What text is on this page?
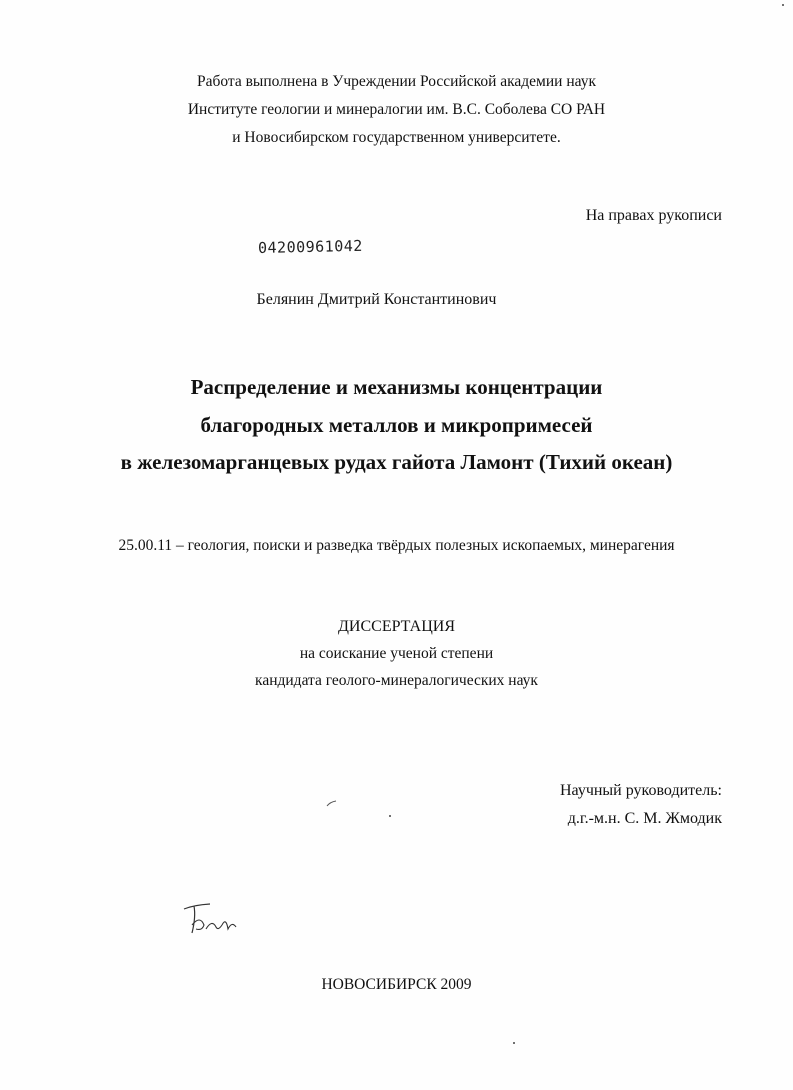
Работа выполнена в Учреждении Российской академии наук
Институте геологии и минералогии им. В.С. Соболева СО РАН
и Новосибирском государственном университете.
На правах рукописи
04200961042
Белянин Дмитрий Константинович
Распределение и механизмы концентрации
благородных металлов и микропримесей
в железомарганцевых рудах гайота Ламонт (Тихий океан)
25.00.11 – геология, поиски и разведка твёрдых полезных ископаемых, минерагения
ДИССЕРТАЦИЯ
на соискание ученой степени
кандидата геолого-минералогических наук
Научный руководитель:
д.г.-м.н. С. М. Жмодик
НОВОСИБИРСК 2009
